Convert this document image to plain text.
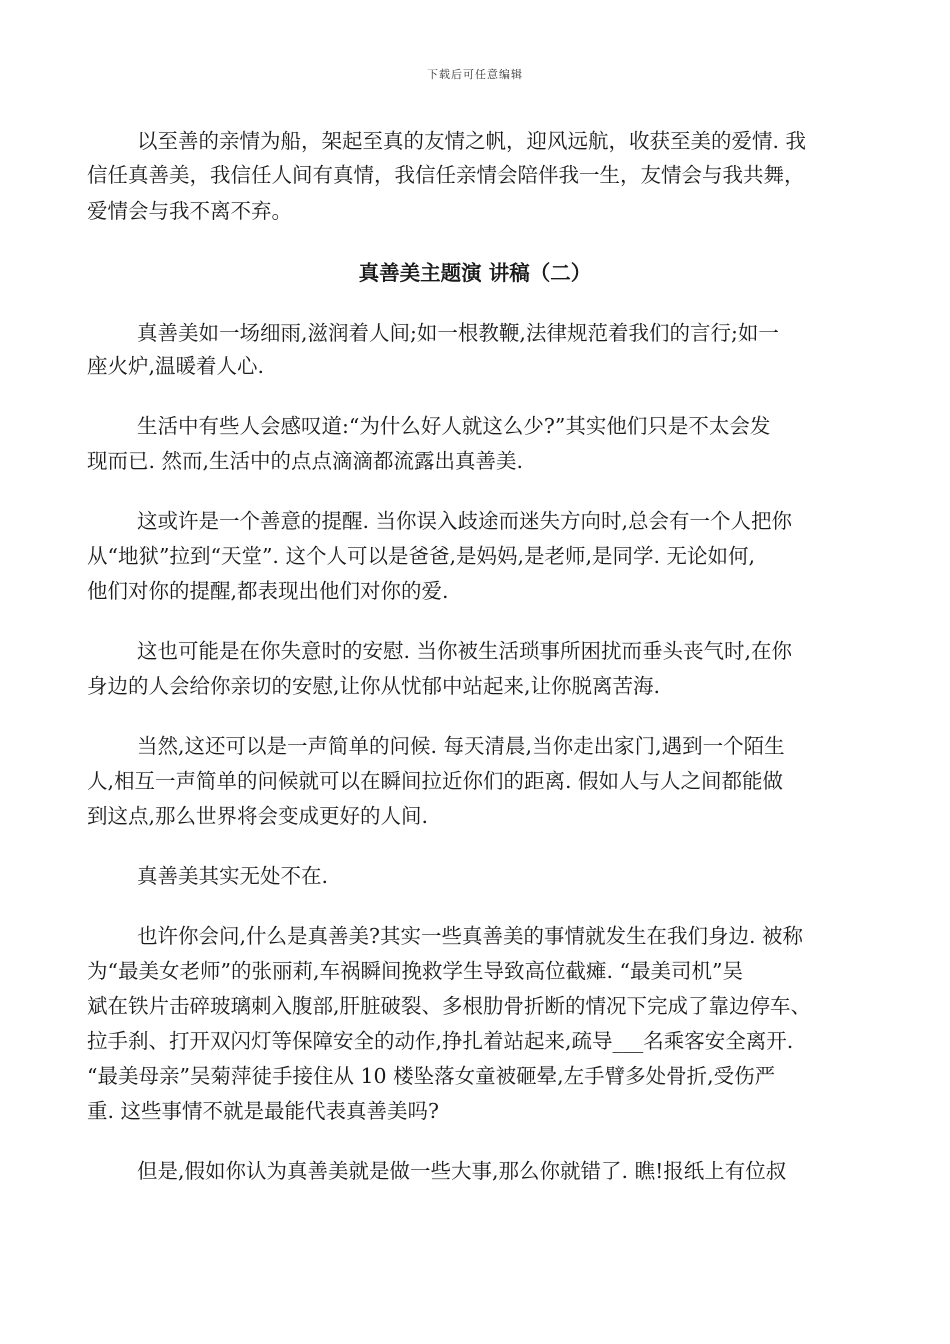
下载后可任意编辑
以至善的亲情为船，架起至真的友情之帆，迎风远航，收获至美的爱情. 我
信任真善美，我信任人间有真情，我信任亲情会陪伴我一生，友情会与我共舞，
爱情会与我不离不弃。
真善美主题演 讲稿（二）
真善美如一场细雨,滋润着人间;如一根教鞭,法律规范着我们的言行;如一
座火炉,温暖着人心.
生活中有些人会感叹道:“为什么好人就这么少?”其实他们只是不太会发
现而已. 然而,生活中的点点滴滴都流露出真善美.
这或许是一个善意的提醒. 当你误入歧途而迷失方向时,总会有一个人把你
从“地狱”拉到“天堂”. 这个人可以是爸爸,是妈妈,是老师,是同学. 无论如何,
他们对你的提醒,都表现出他们对你的爱.
这也可能是在你失意时的安慰. 当你被生活琐事所困扰而垂头丧气时,在你
身边的人会给你亲切的安慰,让你从忧郁中站起来,让你脱离苦海.
当然,这还可以是一声简单的问候. 每天清晨,当你走出家门,遇到一个陌生
人,相互一声简单的问候就可以在瞬间拉近你们的距离. 假如人与人之间都能做
到这点,那么世界将会变成更好的人间.
真善美其实无处不在.
也许你会问,什么是真善美?其实一些真善美的事情就发生在我们身边. 被称
为“最美女老师”的张丽莉,车祸瞬间挽救学生导致高位截瘫. “最美司机”吴
斌在铁片击碎玻璃刺入腹部,肝脏破裂、多根肋骨折断的情况下完成了靠边停车、
拉手刹、打开双闪灯等保障安全的动作,挣扎着站起来,疏导___名乘客安全离开.
“最美母亲”吴菊萍徒手接住从 10 楼坠落女童被砸晕,左手臂多处骨折,受伤严
重. 这些事情不就是最能代表真善美吗?
但是,假如你认为真善美就是做一些大事,那么你就错了. 瞧!报纸上有位叔
